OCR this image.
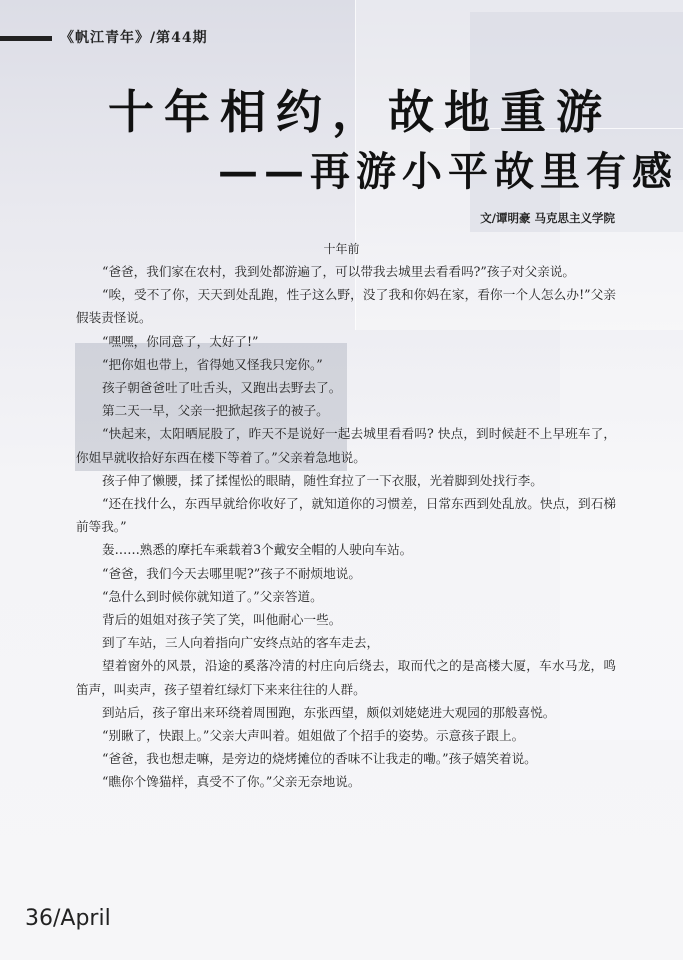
《帆江青年》/第44期
十年相约，故地重游
——再游小平故里有感
文/谭明豪 马克思主义学院
十年前

“爸爸，我们家在农村，我到处都游遍了，可以带我去城里去看看吗?”孩子对父亲说。

“唉，受不了你，天天到处乱跑，性子这么野，没了我和你妈在家，看你一个人怎么办!”父亲假装责怪说。

“嘿嘿，你同意了，太好了!”

“把你姐也带上，省得她又怪我只宠你。”

孩子朝爸爸吐了吐舌头，又跑出去野去了。

第二天一早，父亲一把掀起孩子的被子。

“快起来，太阳晒屁股了，昨天不是说好一起去城里看看吗? 快点，到时候赶不上早班车了，你姐早就收拾好东西在楼下等着了。”父亲着急地说。

孩子伸了懒腰，揉了揉惺忪的眼睛，随性耷拉了一下衣服，光着脚到处找行李。

“还在找什么，东西早就给你收好了，就知道你的习惯差，日常东西到处乱放。快点，到石梯前等我。”

轰……熟悉的摩托车乘载着3个戴安全帽的人驶向车站。

“爸爸，我们今天去哪里呢?”孩子不耐烦地说。

“急什么到时候你就知道了。”父亲答道。

背后的姐姐对孩子笑了笑，叫他耐心一些。

到了车站，三人向着指向广安终点站的客车走去，

望着窗外的风景，沿途的奚落冷清的村庄向后绕去，取而代之的是高楼大厦，车水马龙，鸣笛声，叫卖声，孩子望着红绿灯下来来往往的人群。

到站后，孩子窜出来环绕着周围跑，东张西望，颇似刘姥姥进大观园的那般喜悦。

“别瞅了，快跟上。”父亲大声叫着。姐姐做了个招手的姿势。示意孩子跟上。

“爸爸，我也想走嘛，是旁边的烧烤摊位的香味不让我走的嘞。”孩子嬉笑着说。

“瞧你个馋猫样，真受不了你。”父亲无奈地说。

36/April
